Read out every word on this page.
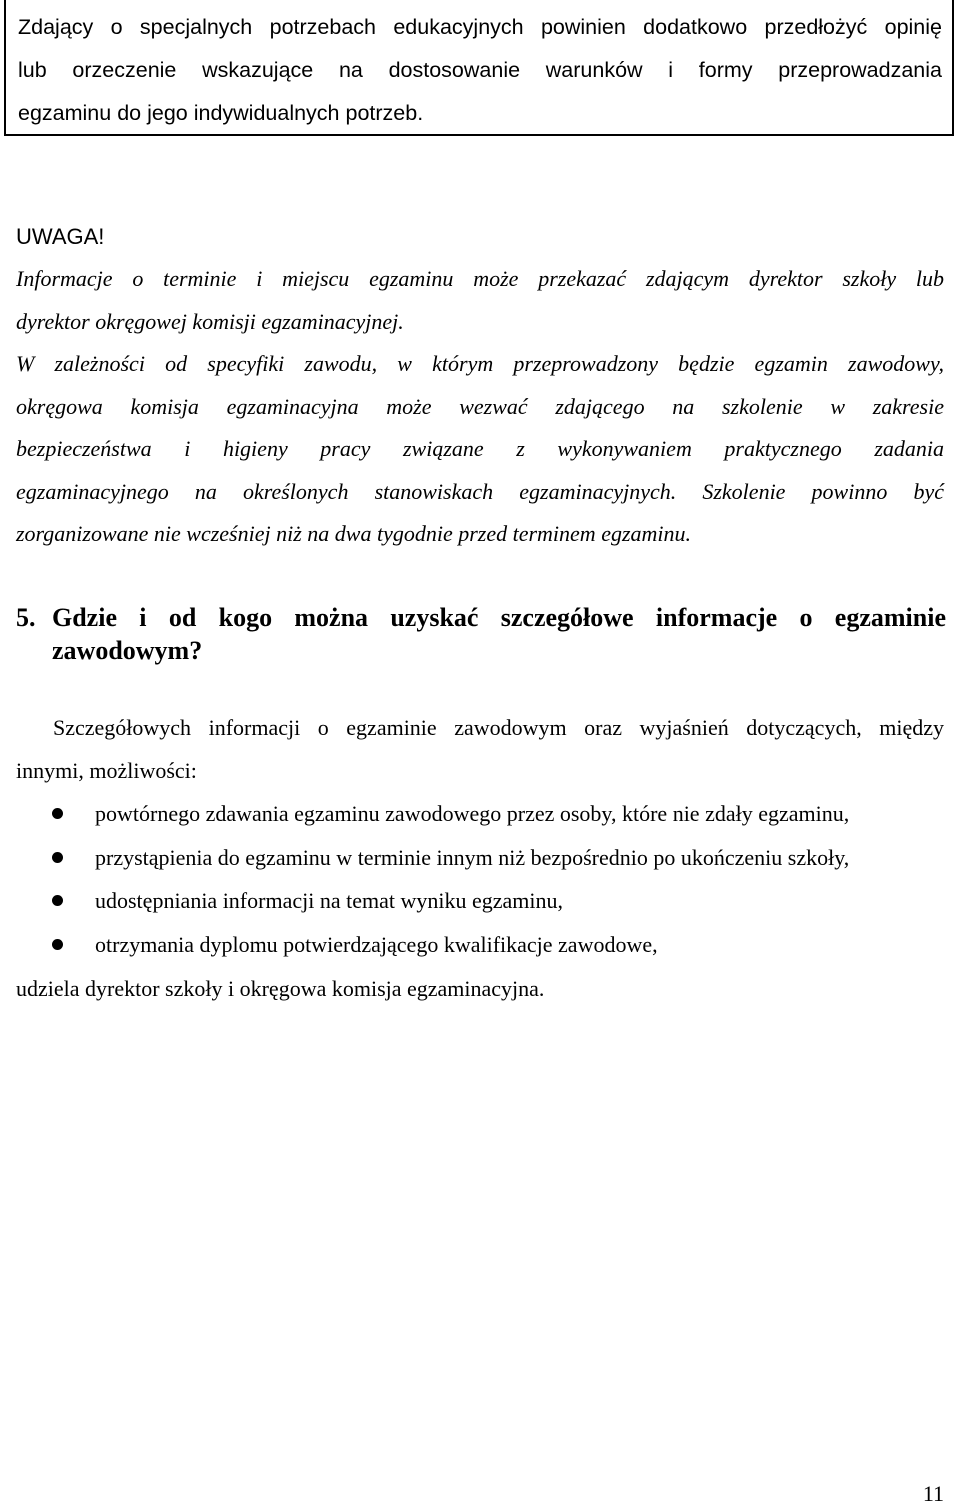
Zdający o specjalnych potrzebach edukacyjnych powinien dodatkowo przedłożyć opinię
lub orzeczenie wskazujące na dostosowanie warunków i formy przeprowadzania
egzaminu do jego indywidualnych potrzeb.
UWAGA!
Informacje o terminie i miejscu egzaminu może przekazać zdającym dyrektor szkoły lub
dyrektor okręgowej komisji egzaminacyjnej.
W zależności od specyfiki zawodu, w którym przeprowadzony będzie egzamin zawodowy,
okręgowa komisja egzaminacyjna może wezwać zdającego na szkolenie w zakresie
bezpieczeństwa i higieny pracy związane z wykonywaniem praktycznego zadania
egzaminacyjnego na określonych stanowiskach egzaminacyjnych. Szkolenie powinno być
zorganizowane nie wcześniej niż na dwa tygodnie przed terminem egzaminu.
5. Gdzie i od kogo można uzyskać szczegółowe informacje o egzaminie
zawodowym?
Szczegółowych informacji o egzaminie zawodowym oraz wyjaśnień dotyczących, między
innymi, możliwości:
powtórnego zdawania egzaminu zawodowego przez osoby, które nie zdały egzaminu,
przystąpienia do egzaminu w terminie innym niż bezpośrednio po ukończeniu szkoły,
udostępniania informacji na temat wyniku egzaminu,
otrzymania dyplomu potwierdzającego kwalifikacje zawodowe,
udziela dyrektor szkoły i okręgowa komisja egzaminacyjna.
11
